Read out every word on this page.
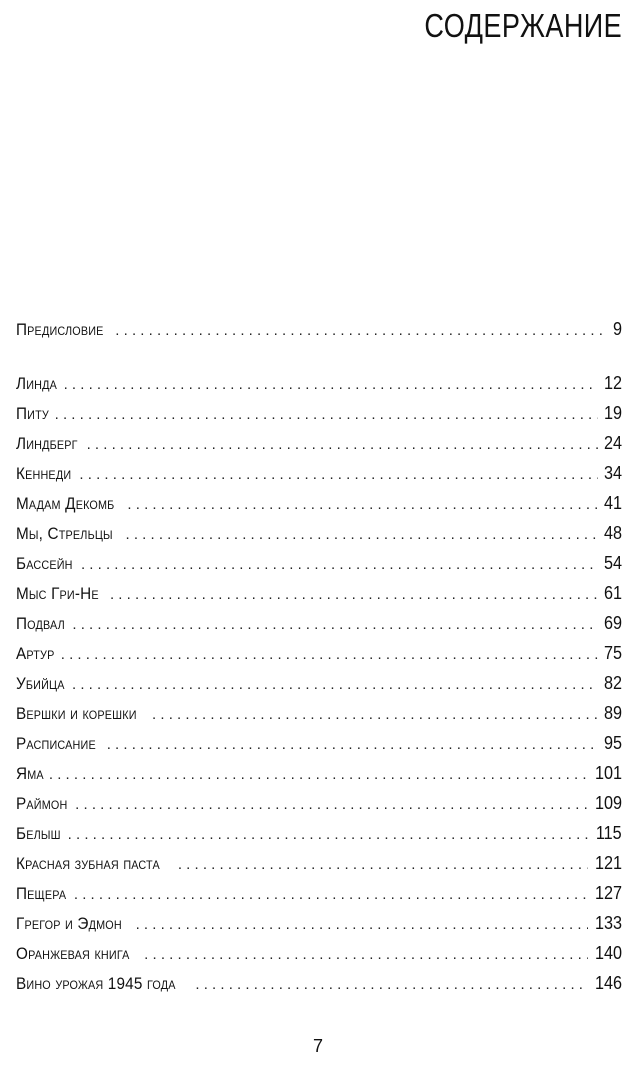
СОДЕРЖАНИЕ
Предисловие . . .	9
Линда . . .	12
Питу . . .	19
Линдберг . . .	24
Кеннеди . . .	34
Мадам Декомб . . .	41
Мы, Стрельцы . . .	48
Бассейн . . .	54
Мыс Гри-Не . . .	61
Подвал . . .	69
Артур . . .	75
Убийца . . .	82
Вершки и корешки . . .	89
Расписание . . .	95
Яма . . .	101
Раймон . . .	109
Белыш . . .	115
Красная зубная паста . . .	121
Пещера . . .	127
Грегор и Эдмон . . .	133
Оранжевая книга . . .	140
Вино урожая 1945 года . . .	146
7
